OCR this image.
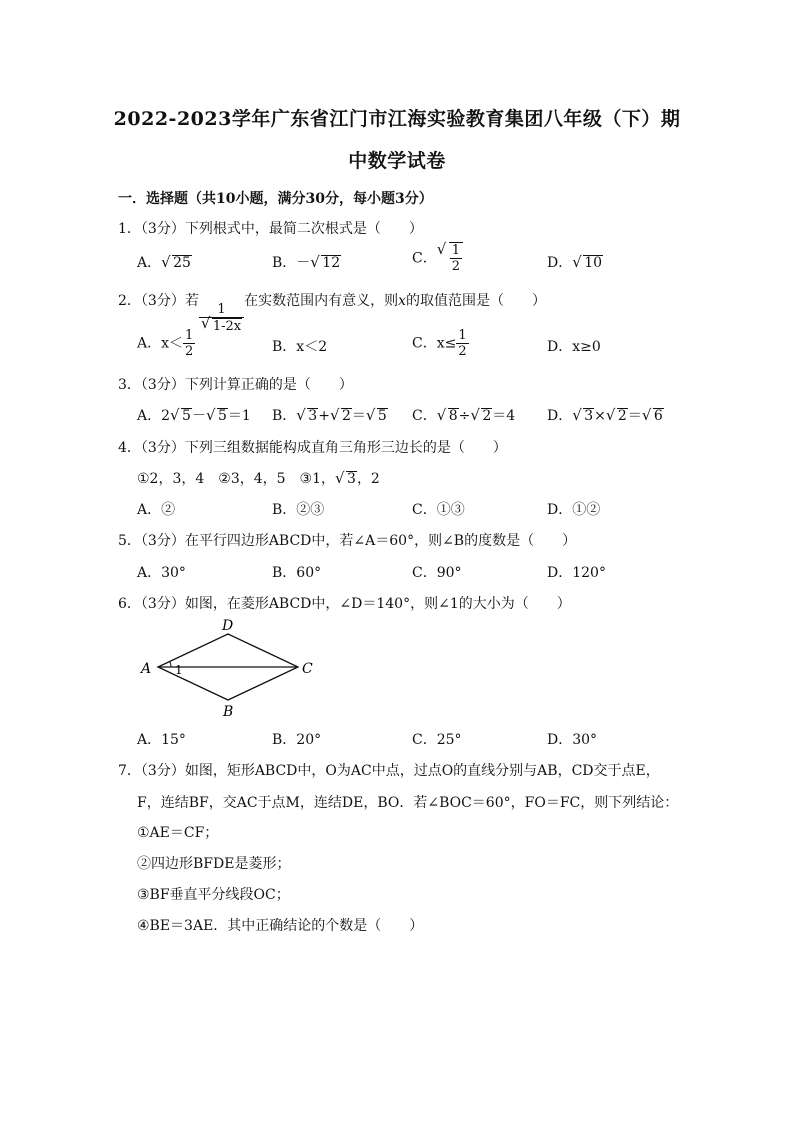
2022-2023学年广东省江门市江海实验教育集团八年级（下）期
中数学试卷
一．选择题（共10小题，满分30分，每小题3分）
1．（3分）下列根式中，最简二次根式是（　　）
A． √ 25	B．－ √ 12	C． √ $\frac{1}{2}$	D． √ 10
2．（3分）若
1
√ 1-2x
在实数范围内有意义，则x的取值范围是（　　）
A．$x< \frac{1}{2}$	B．x＜2	C．$x\le \frac{1}{2}$	D．x≥0
3．（3分）下列计算正确的是（　　）
A．2 √ 5－ √ 5＝1 B． √ 3+ √ 2＝ √ 5 C． √ 8÷ √ 2＝4 D． √ 3× √ 2＝ √ 6
4．（3分）下列三组数据能构成直角三角形三边长的是（　　）
①2，3，4　②3，4，5　③1， √ 3，2
A．②	B．②③	C．①③	D．①②
5．（3分）在平行四边形ABCD中，若∠A＝60°，则∠B的度数是（　　）
A．30°	B．60°	C．90°	D．120°
6．（3分）如图，在菱形ABCD中，∠D＝140°，则∠1的大小为（　　）
A
D
C
B
1
A．15°	B．20°	C．25°	D．30°
7．（3分）如图，矩形ABCD中，O为AC中点，过点O的直线分别与AB，CD交于点E，
F，连结BF，交AC于点M，连结DE，BO．若∠BOC＝60°，FO＝FC，则下列结论：
①AE＝CF；
②四边形BFDE是菱形；
③BF垂直平分线段OC；
④BE＝3AE．其中正确结论的个数是（　　）
